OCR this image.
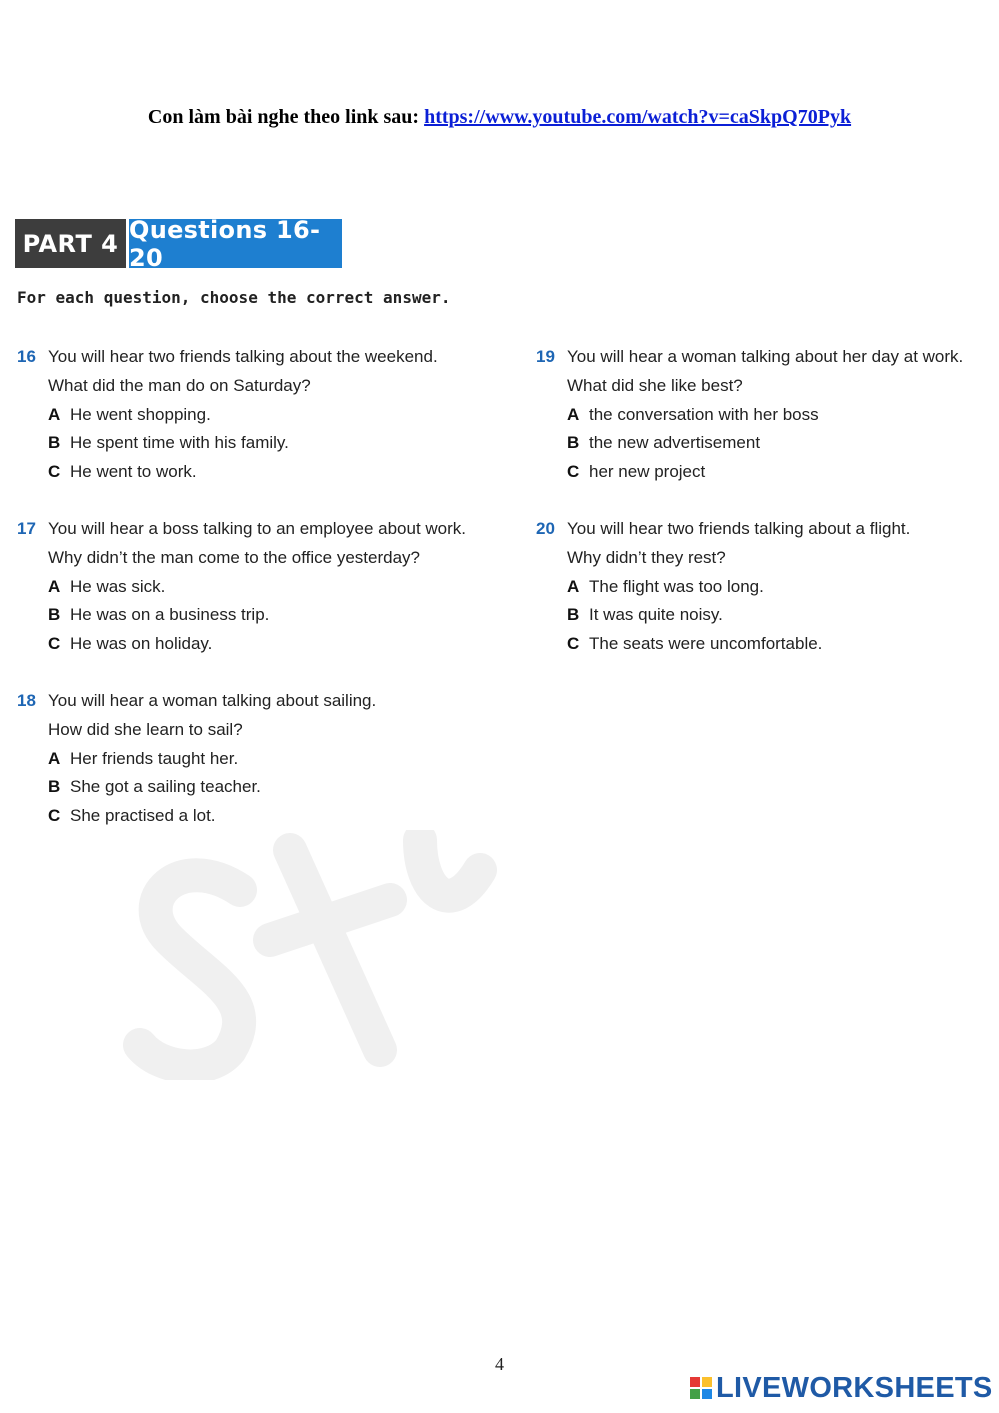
Con làm bài nghe theo link sau: https://www.youtube.com/watch?v=caSkpQ70Pyk
PART 4 Questions 16-20
For each question, choose the correct answer.
16 You will hear two friends talking about the weekend.
What did the man do on Saturday?
A He went shopping.
B He spent time with his family.
C He went to work.
17 You will hear a boss talking to an employee about work.
Why didn’t the man come to the office yesterday?
A He was sick.
B He was on a business trip.
C He was on holiday.
18 You will hear a woman talking about sailing.
How did she learn to sail?
A Her friends taught her.
B She got a sailing teacher.
C She practised a lot.
19 You will hear a woman talking about her day at work.
What did she like best?
A the conversation with her boss
B the new advertisement
C her new project
20 You will hear two friends talking about a flight.
Why didn’t they rest?
A The flight was too long.
B It was quite noisy.
C The seats were uncomfortable.
4
LIVEWORKSHEETS
